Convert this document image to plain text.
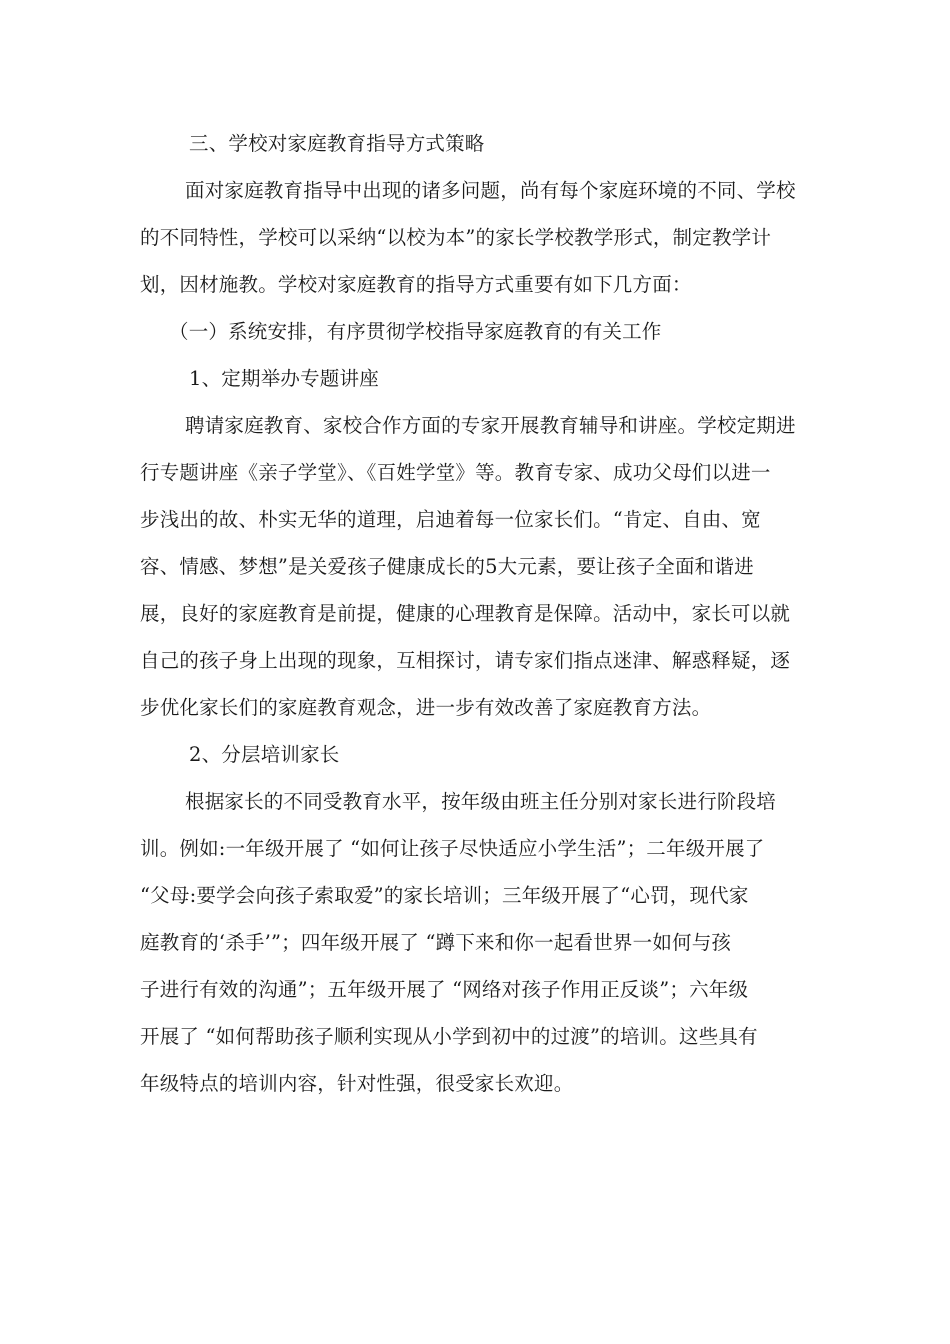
三、学校对家庭教育指导方式策略
面对家庭教育指导中出现的诸多问题，尚有每个家庭环境的不同、学校
的不同特性，学校可以采纳“以校为本”的家长学校教学形式，制定教学计
划，因材施教。学校对家庭教育的指导方式重要有如下几方面：
（一）系统安排，有序贯彻学校指导家庭教育的有关工作
1、定期举办专题讲座
聘请家庭教育、家校合作方面的专家开展教育辅导和讲座。学校定期进
行专题讲座《亲子学堂》、《百姓学堂》等。教育专家、成功父母们以进一
步浅出的故、朴实无华的道理，启迪着每一位家长们。“肯定、自由、宽
容、情感、梦想”是关爱孩子健康成长的5大元素，要让孩子全面和谐进
展，良好的家庭教育是前提，健康的心理教育是保障。活动中，家长可以就
自己的孩子身上出现的现象，互相探讨，请专家们指点迷津、解惑释疑，逐
步优化家长们的家庭教育观念，进一步有效改善了家庭教育方法。
2、分层培训家长
根据家长的不同受教育水平，按年级由班主任分别对家长进行阶段培
训。例如:一年级开展了 “如何让孩子尽快适应小学生活”；二年级开展了
“父母:要学会向孩子索取爱”的家长培训；三年级开展了“心罚，现代家
庭教育的‘杀手’”；四年级开展了 “蹲下来和你一起看世界一如何与孩
子进行有效的沟通”；五年级开展了 “网络对孩子作用正反谈”；六年级
开展了 “如何帮助孩子顺利实现从小学到初中的过渡”的培训。这些具有
年级特点的培训内容，针对性强，很受家长欢迎。
